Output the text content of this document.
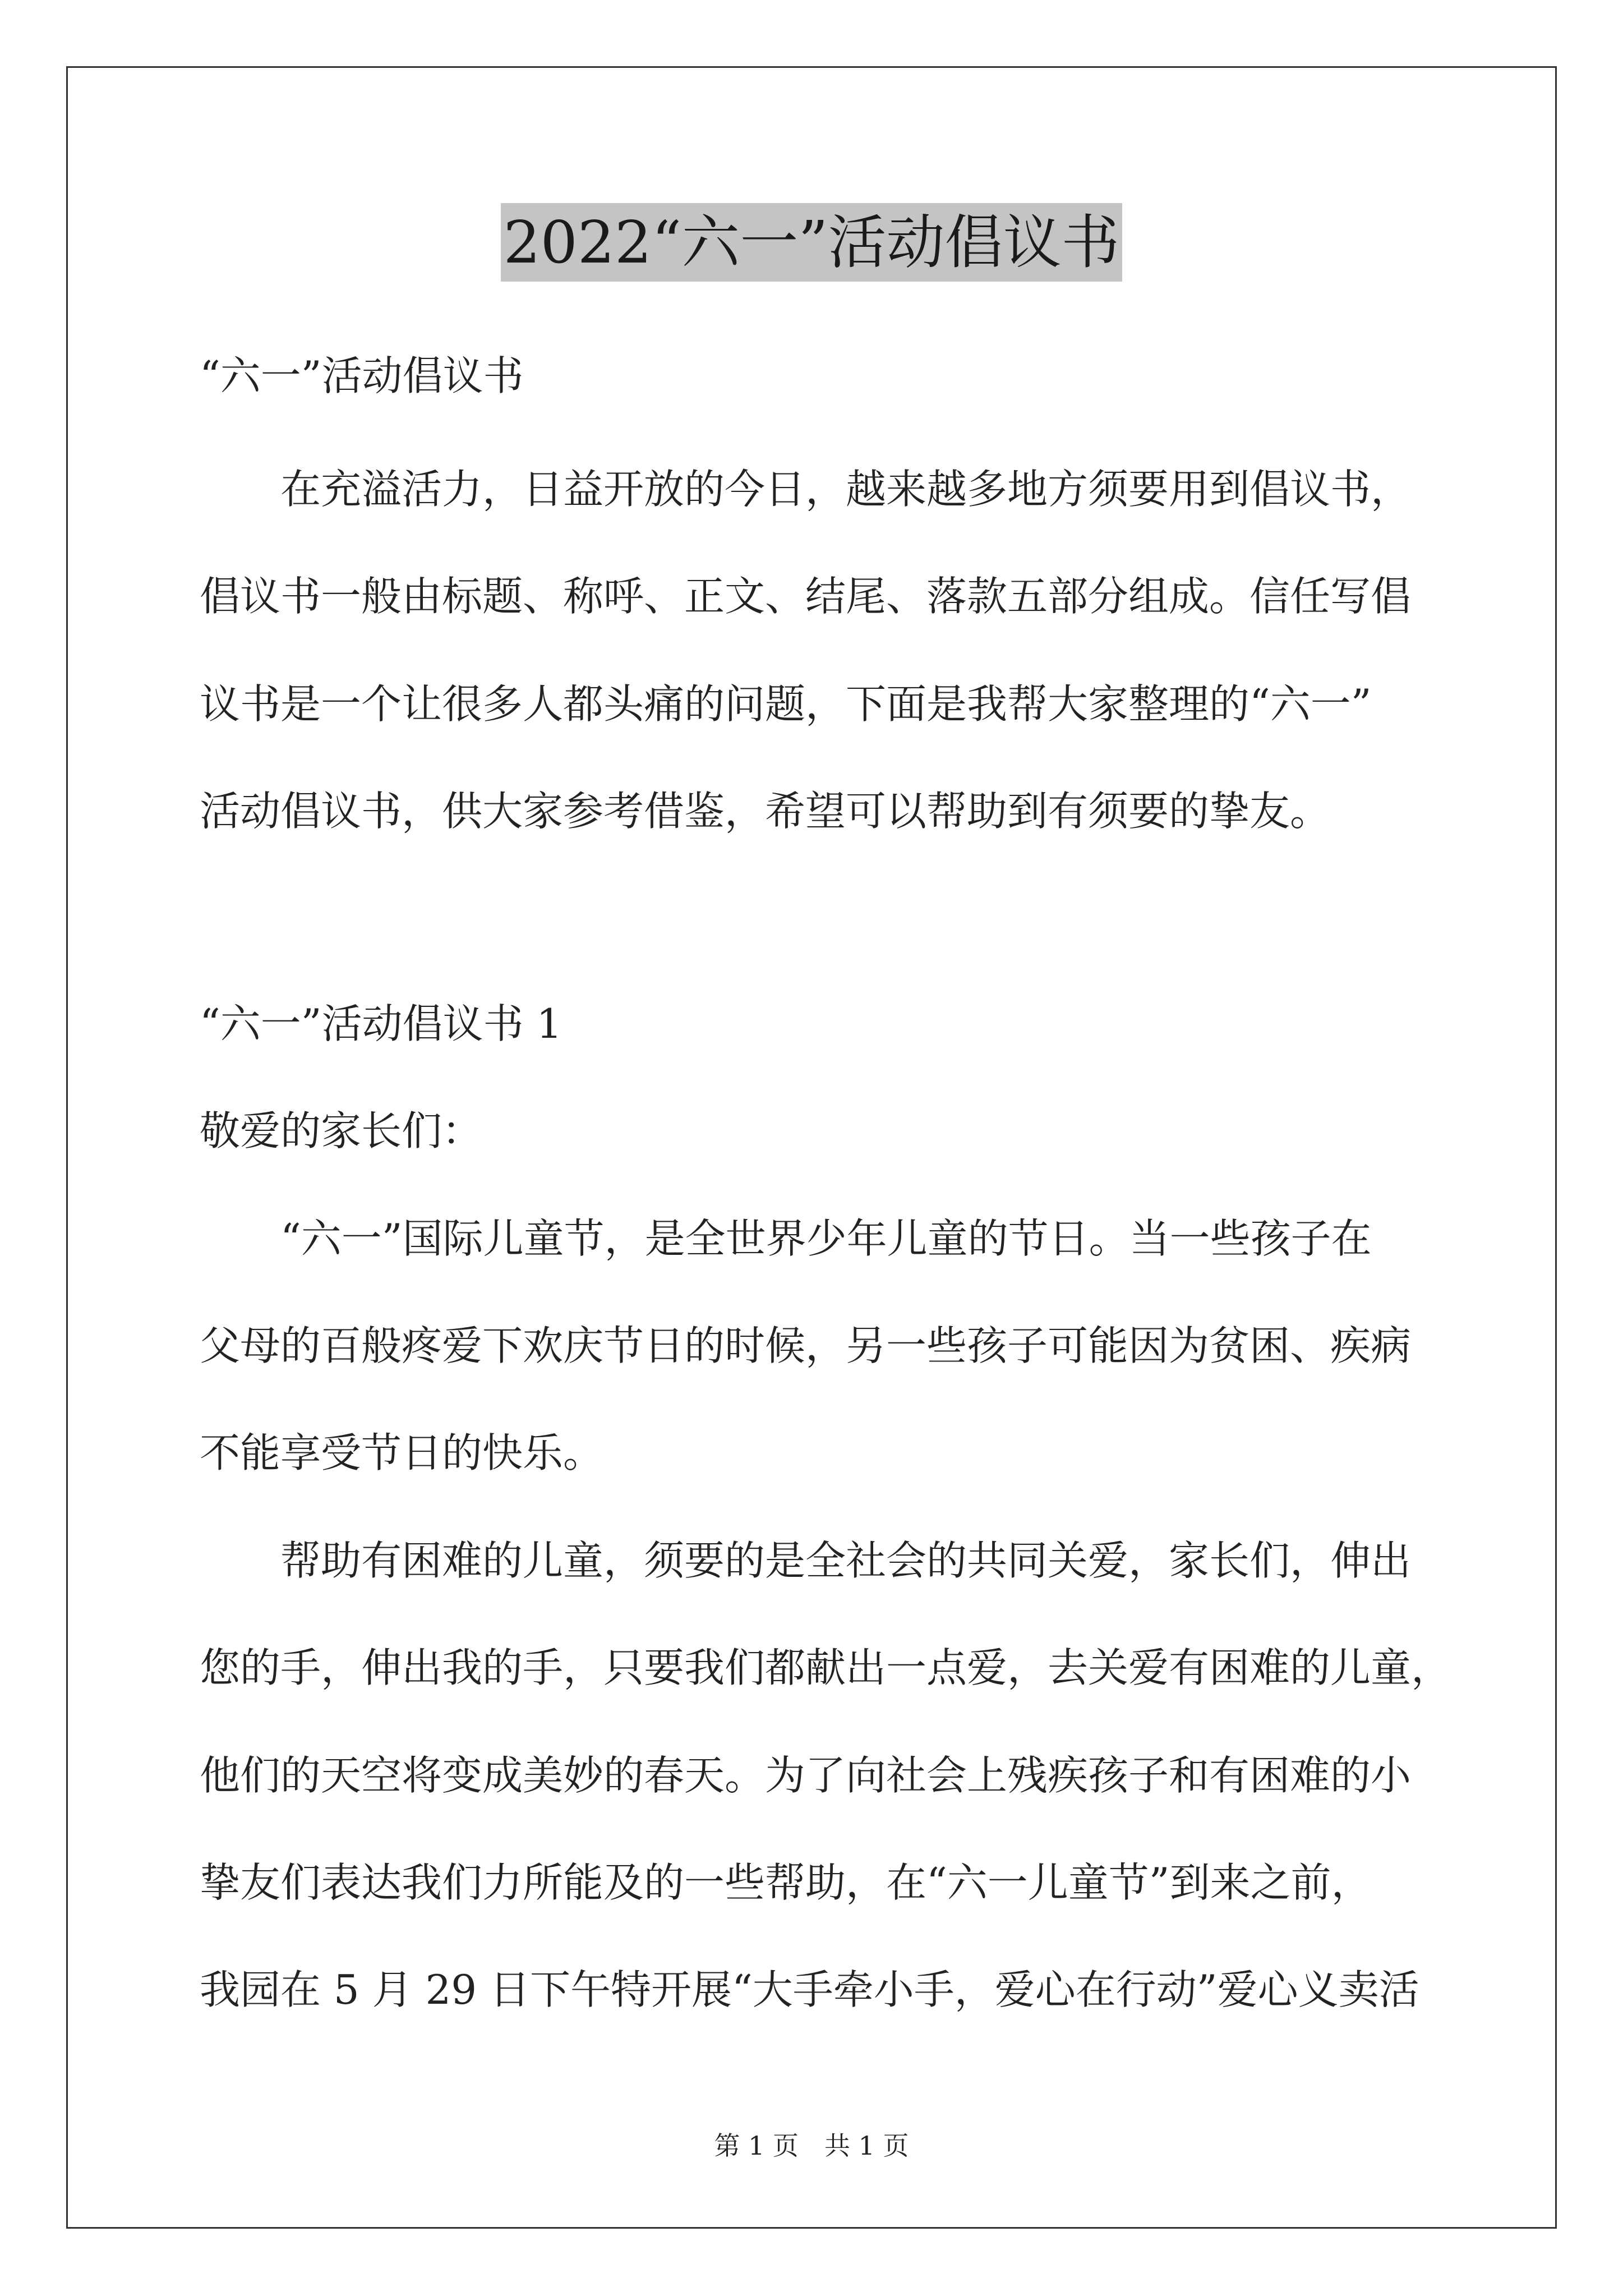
2022“六一”活动倡议书
“六一”活动倡议书
在充溢活力，日益开放的今日，越来越多地方须要用到倡议书，
倡议书一般由标题、称呼、正文、结尾、落款五部分组成。信任写倡
议书是一个让很多人都头痛的问题，下面是我帮大家整理的“六一”
活动倡议书，供大家参考借鉴，希望可以帮助到有须要的挚友。
“六一”活动倡议书 1
敬爱的家长们：
“六一”国际儿童节，是全世界少年儿童的节日。当一些孩子在
父母的百般疼爱下欢庆节日的时候，另一些孩子可能因为贫困、疾病
不能享受节日的快乐。
帮助有困难的儿童，须要的是全社会的共同关爱，家长们，伸出
您的手，伸出我的手，只要我们都献出一点爱，去关爱有困难的儿童，
他们的天空将变成美妙的春天。为了向社会上残疾孩子和有困难的小
挚友们表达我们力所能及的一些帮助，在“六一儿童节”到来之前，
我园在 5 月 29 日下午特开展“大手牵小手，爱心在行动”爱心义卖活
第 1 页　共 1 页
